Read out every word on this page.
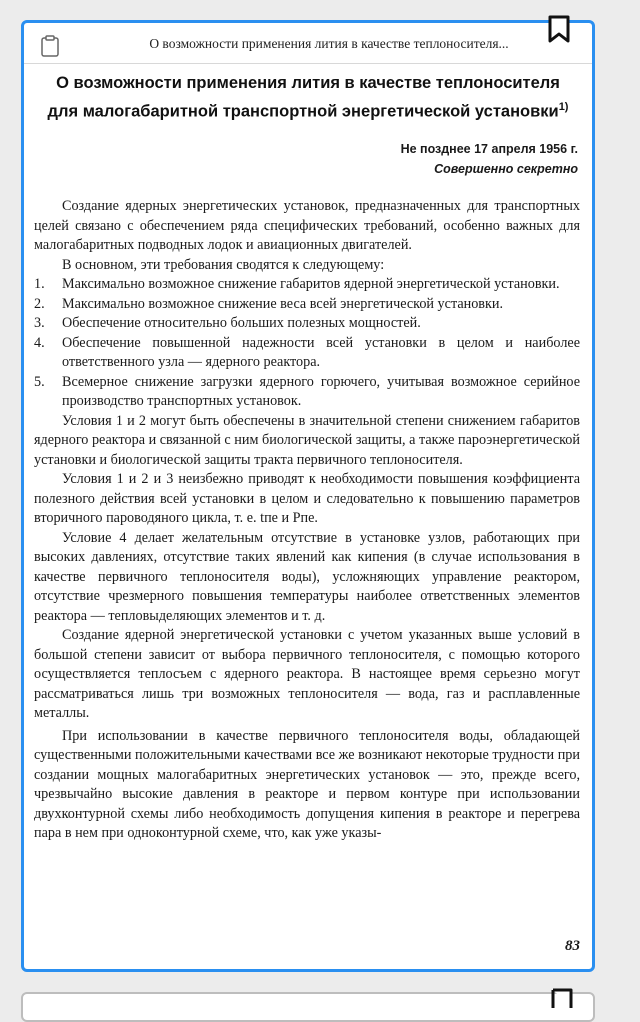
О возможности применения лития в качестве теплоносителя...
О возможности применения лития в качестве теплоносителя для малогабаритной транспортной энергетической установки$^{1)}$
Не позднее 17 апреля 1956 г.
Совершенно секретно

Создание ядерных энергетических установок, предназначенных для транспортных целей связано с обеспечением ряда специфических требований, особенно важных для малогабаритных подводных лодок и авиационных двигателей.

В основном, эти требования сводятся к следующему:

1. Максимально возможное снижение габаритов ядерной энергетической установки.
2. Максимально возможное снижение веса всей энергетической установки.
3. Обеспечение относительно больших полезных мощностей.
4. Обеспечение повышенной надежности всей установки в целом и наиболее ответственного узла — ядерного реактора.
5. Всемерное снижение загрузки ядерного горючего, учитывая возможное серийное производство транспортных установок.

Условия 1 и 2 могут быть обеспечены в значительной степени снижением габаритов ядерного реактора и связанной с ним биологической защиты, а также пароэнергетической установки и биологической защиты тракта первичного теплоносителя.

Условия 1 и 2 и 3 неизбежно приводят к необходимости повышения коэффициента полезного действия всей установки в целом и следовательно к повышению параметров вторичного пароводяного цикла, т. е. tпе и Рпе.

Условие 4 делает желательным отсутствие в установке узлов, работающих при высоких давлениях, отсутствие таких явлений как кипения (в случае использования в качестве первичного теплоносителя воды), усложняющих управление реактором, отсутствие чрезмерного повышения температуры наиболее ответственных элементов реактора — тепловыделяющих элементов и т. д.

Создание ядерной энергетической установки с учетом указанных выше условий в большой степени зависит от выбора первичного теплоносителя, с помощью которого осуществляется теплосъем с ядерного реактора. В настоящее время серьезно могут рассматриваться лишь три возможных теплоносителя — вода, газ и расплавленные металлы.

При использовании в качестве первичного теплоносителя воды, обладающей существенными положительными качествами все же возникают некоторые трудности при создании мощных малогабаритных энергетических установок — это, прежде всего, чрезвычайно высокие давления в реакторе и первом контуре при использовании двухконтурной схемы либо необходимость допущения кипения в реакторе и перегрева пара в нем при одноконтурной схеме, что, как уже указы-

83
